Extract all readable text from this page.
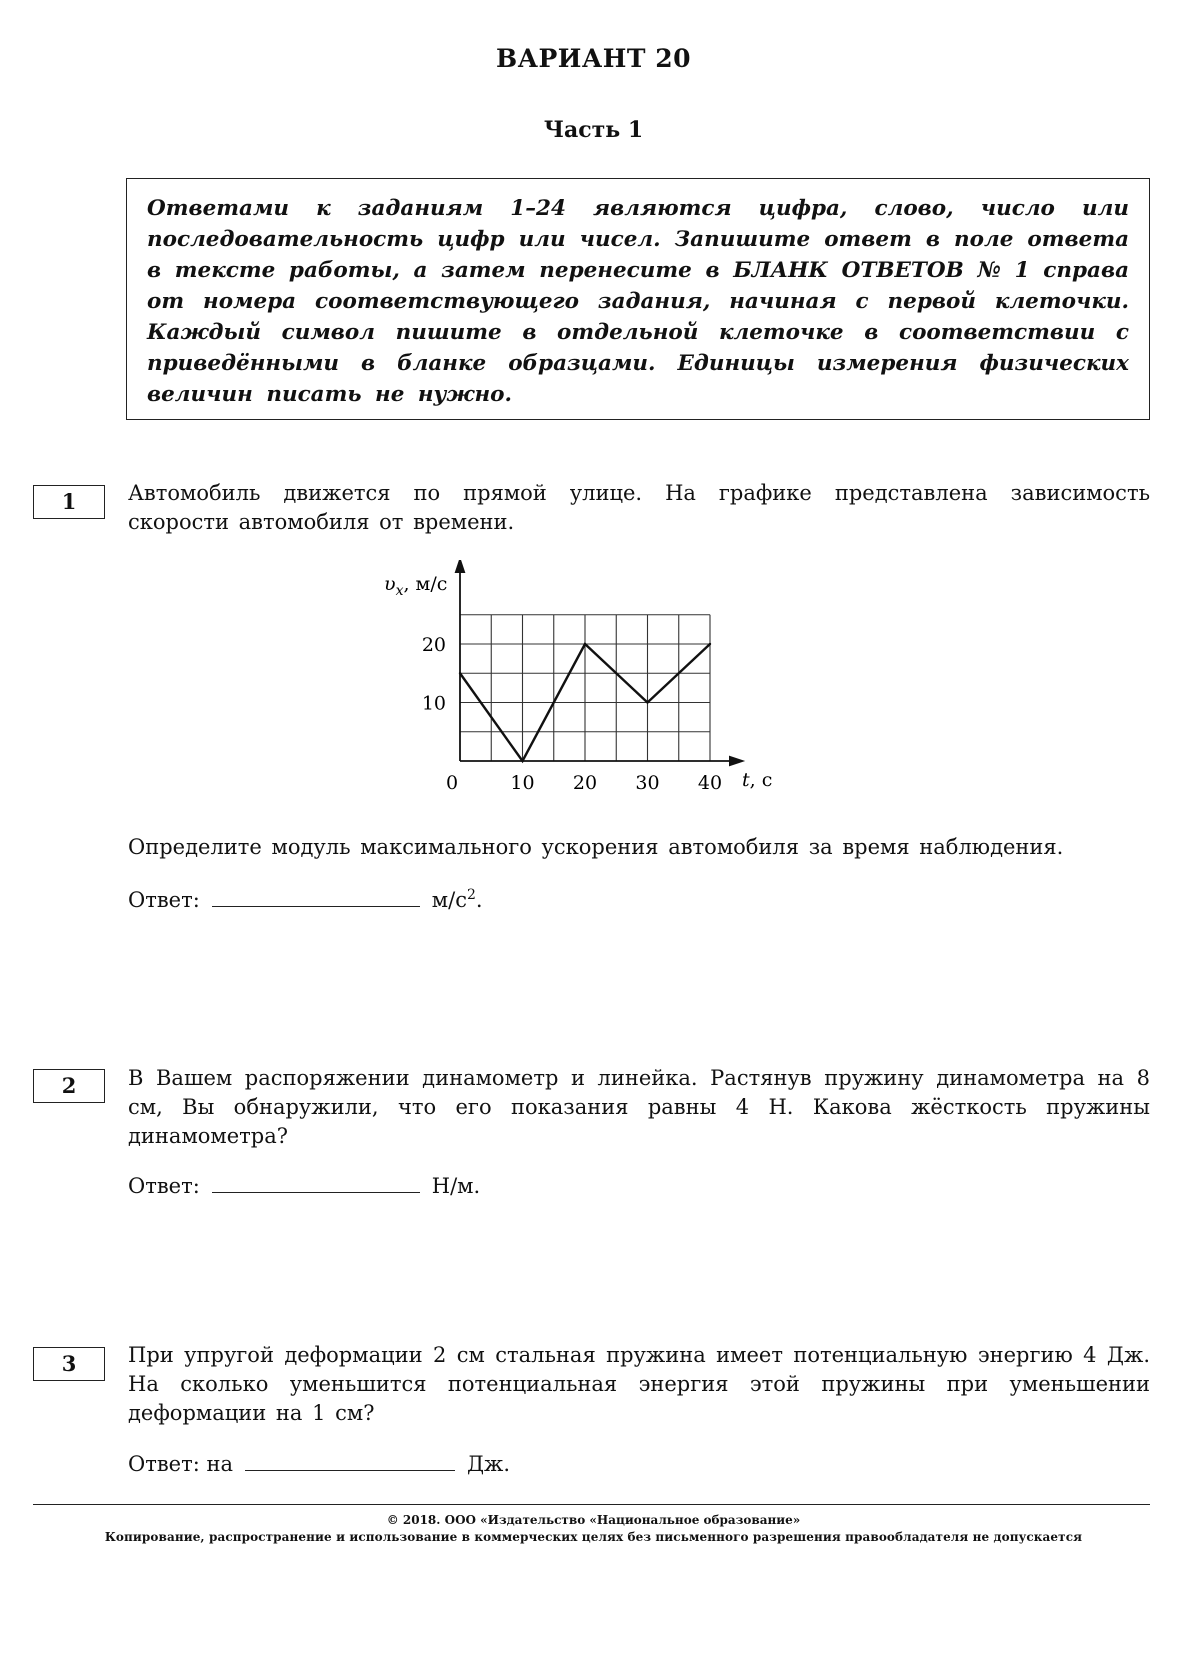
ВАРИАНТ 20
Часть 1

Ответами к заданиям 1–24 являются цифра, слово, число или последовательность цифр или чисел. Запишите ответ в поле ответа в тексте работы, а затем перенесите в БЛАНК ОТВЕТОВ № 1 справа от номера соответствующего задания, начиная с первой клеточки. Каждый символ пишите в отдельной клеточке в соответствии с приведёнными в бланке образцами. Единицы измерения физических величин писать не нужно.

1	Автомобиль движется по прямой улице. На графике представлена зависимость скорости автомобиля от времени.

$\upsilon_x$, м/с
t, с
0	10 20 30 40
10
20

Определите модуль максимального ускорения автомобиля за время наблюдения.

Ответ:	$м/с^2$.
2	В Вашем распоряжении динамометр и линейка. Растянув пружину динамометра на 8 см, Вы обнаружили, что его показания равны 4 Н. Какова жёсткость пружины динамометра?

Ответ:	Н/м.
3	При упругой деформации 2 см стальная пружина имеет потенциальную энергию 4 Дж. На сколько уменьшится потенциальная энергия этой пружины при уменьшении деформации на 1 см?

Ответ: на	Дж.
© 2018. ООО «Издательство «Национальное образование»
Копирование, распространение и использование в коммерческих целях без письменного разрешения правообладателя не допускается
